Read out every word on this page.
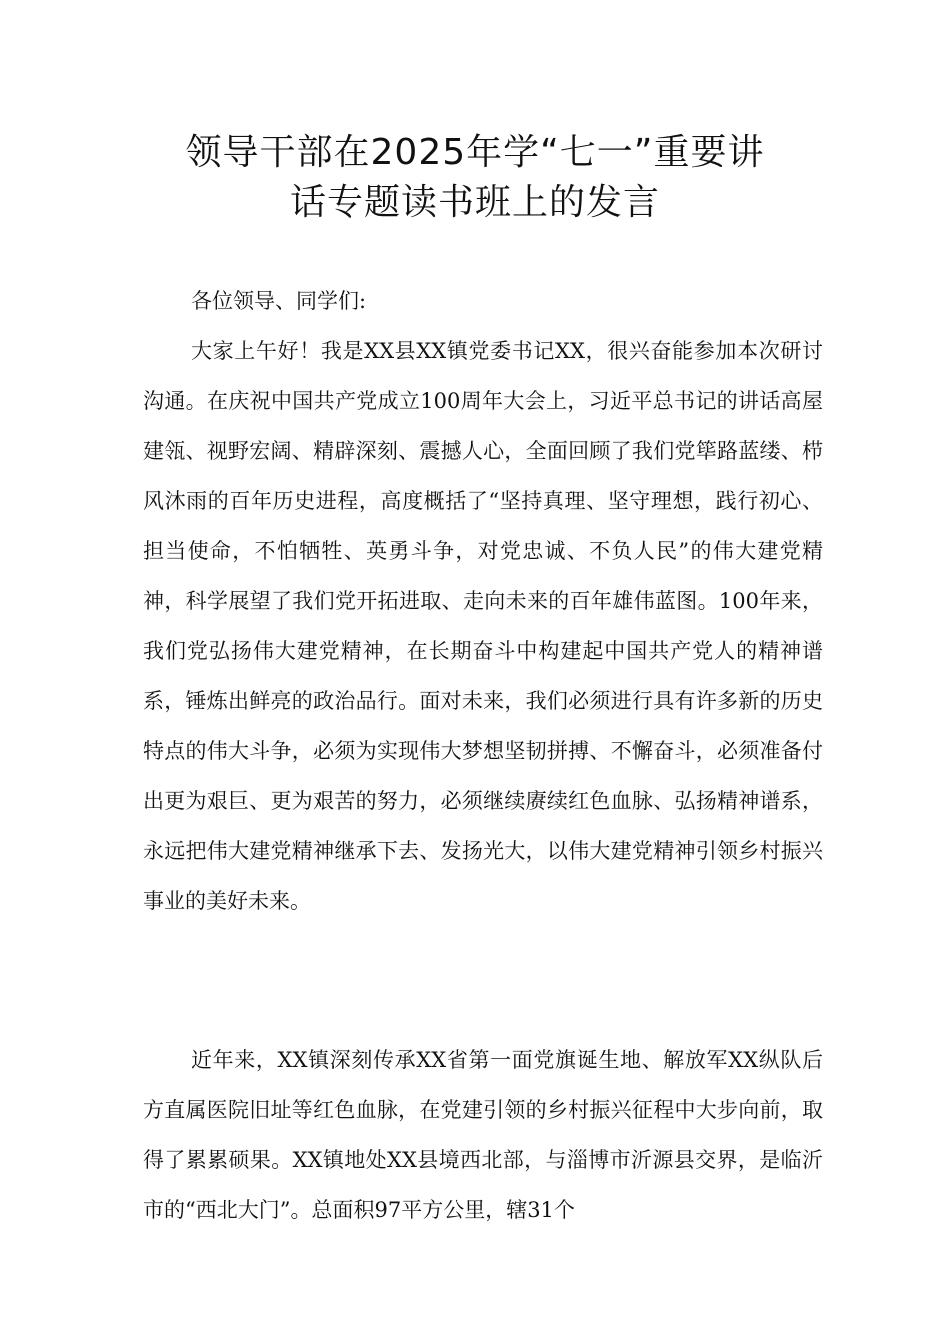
领导干部在2025年学“七一”重要讲
话专题读书班上的发言

各位领导、同学们:

大家上午好！我是XX县XX镇党委书记XX，很兴奋能参加本次研讨沟通。在庆祝中国共产党成立100周年大会上，习近平总书记的讲话高屋建瓴、视野宏阔、精辟深刻、震撼人心，全面回顾了我们党筚路蓝缕、栉风沐雨的百年历史进程，高度概括了“坚持真理、坚守理想，践行初心、担当使命，不怕牺牲、英勇斗争，对党忠诚、不负人民”的伟大建党精神，科学展望了我们党开拓进取、走向未来的百年雄伟蓝图。100年来，我们党弘扬伟大建党精神，在长期奋斗中构建起中国共产党人的精神谱系，锤炼出鲜亮的政治品行。面对未来，我们必须进行具有许多新的历史特点的伟大斗争，必须为实现伟大梦想坚韧拼搏、不懈奋斗，必须准备付出更为艰巨、更为艰苦的努力，必须继续赓续红色血脉、弘扬精神谱系，永远把伟大建党精神继承下去、发扬光大，以伟大建党精神引领乡村振兴事业的美好未来。

近年来，XX镇深刻传承XX省第一面党旗诞生地、解放军XX纵队后方直属医院旧址等红色血脉，在党建引领的乡村振兴征程中大步向前，取得了累累硕果。XX镇地处XX县境西北部，与淄博市沂源县交界，是临沂市的“西北大门”。总面积97平方公里，辖31个
